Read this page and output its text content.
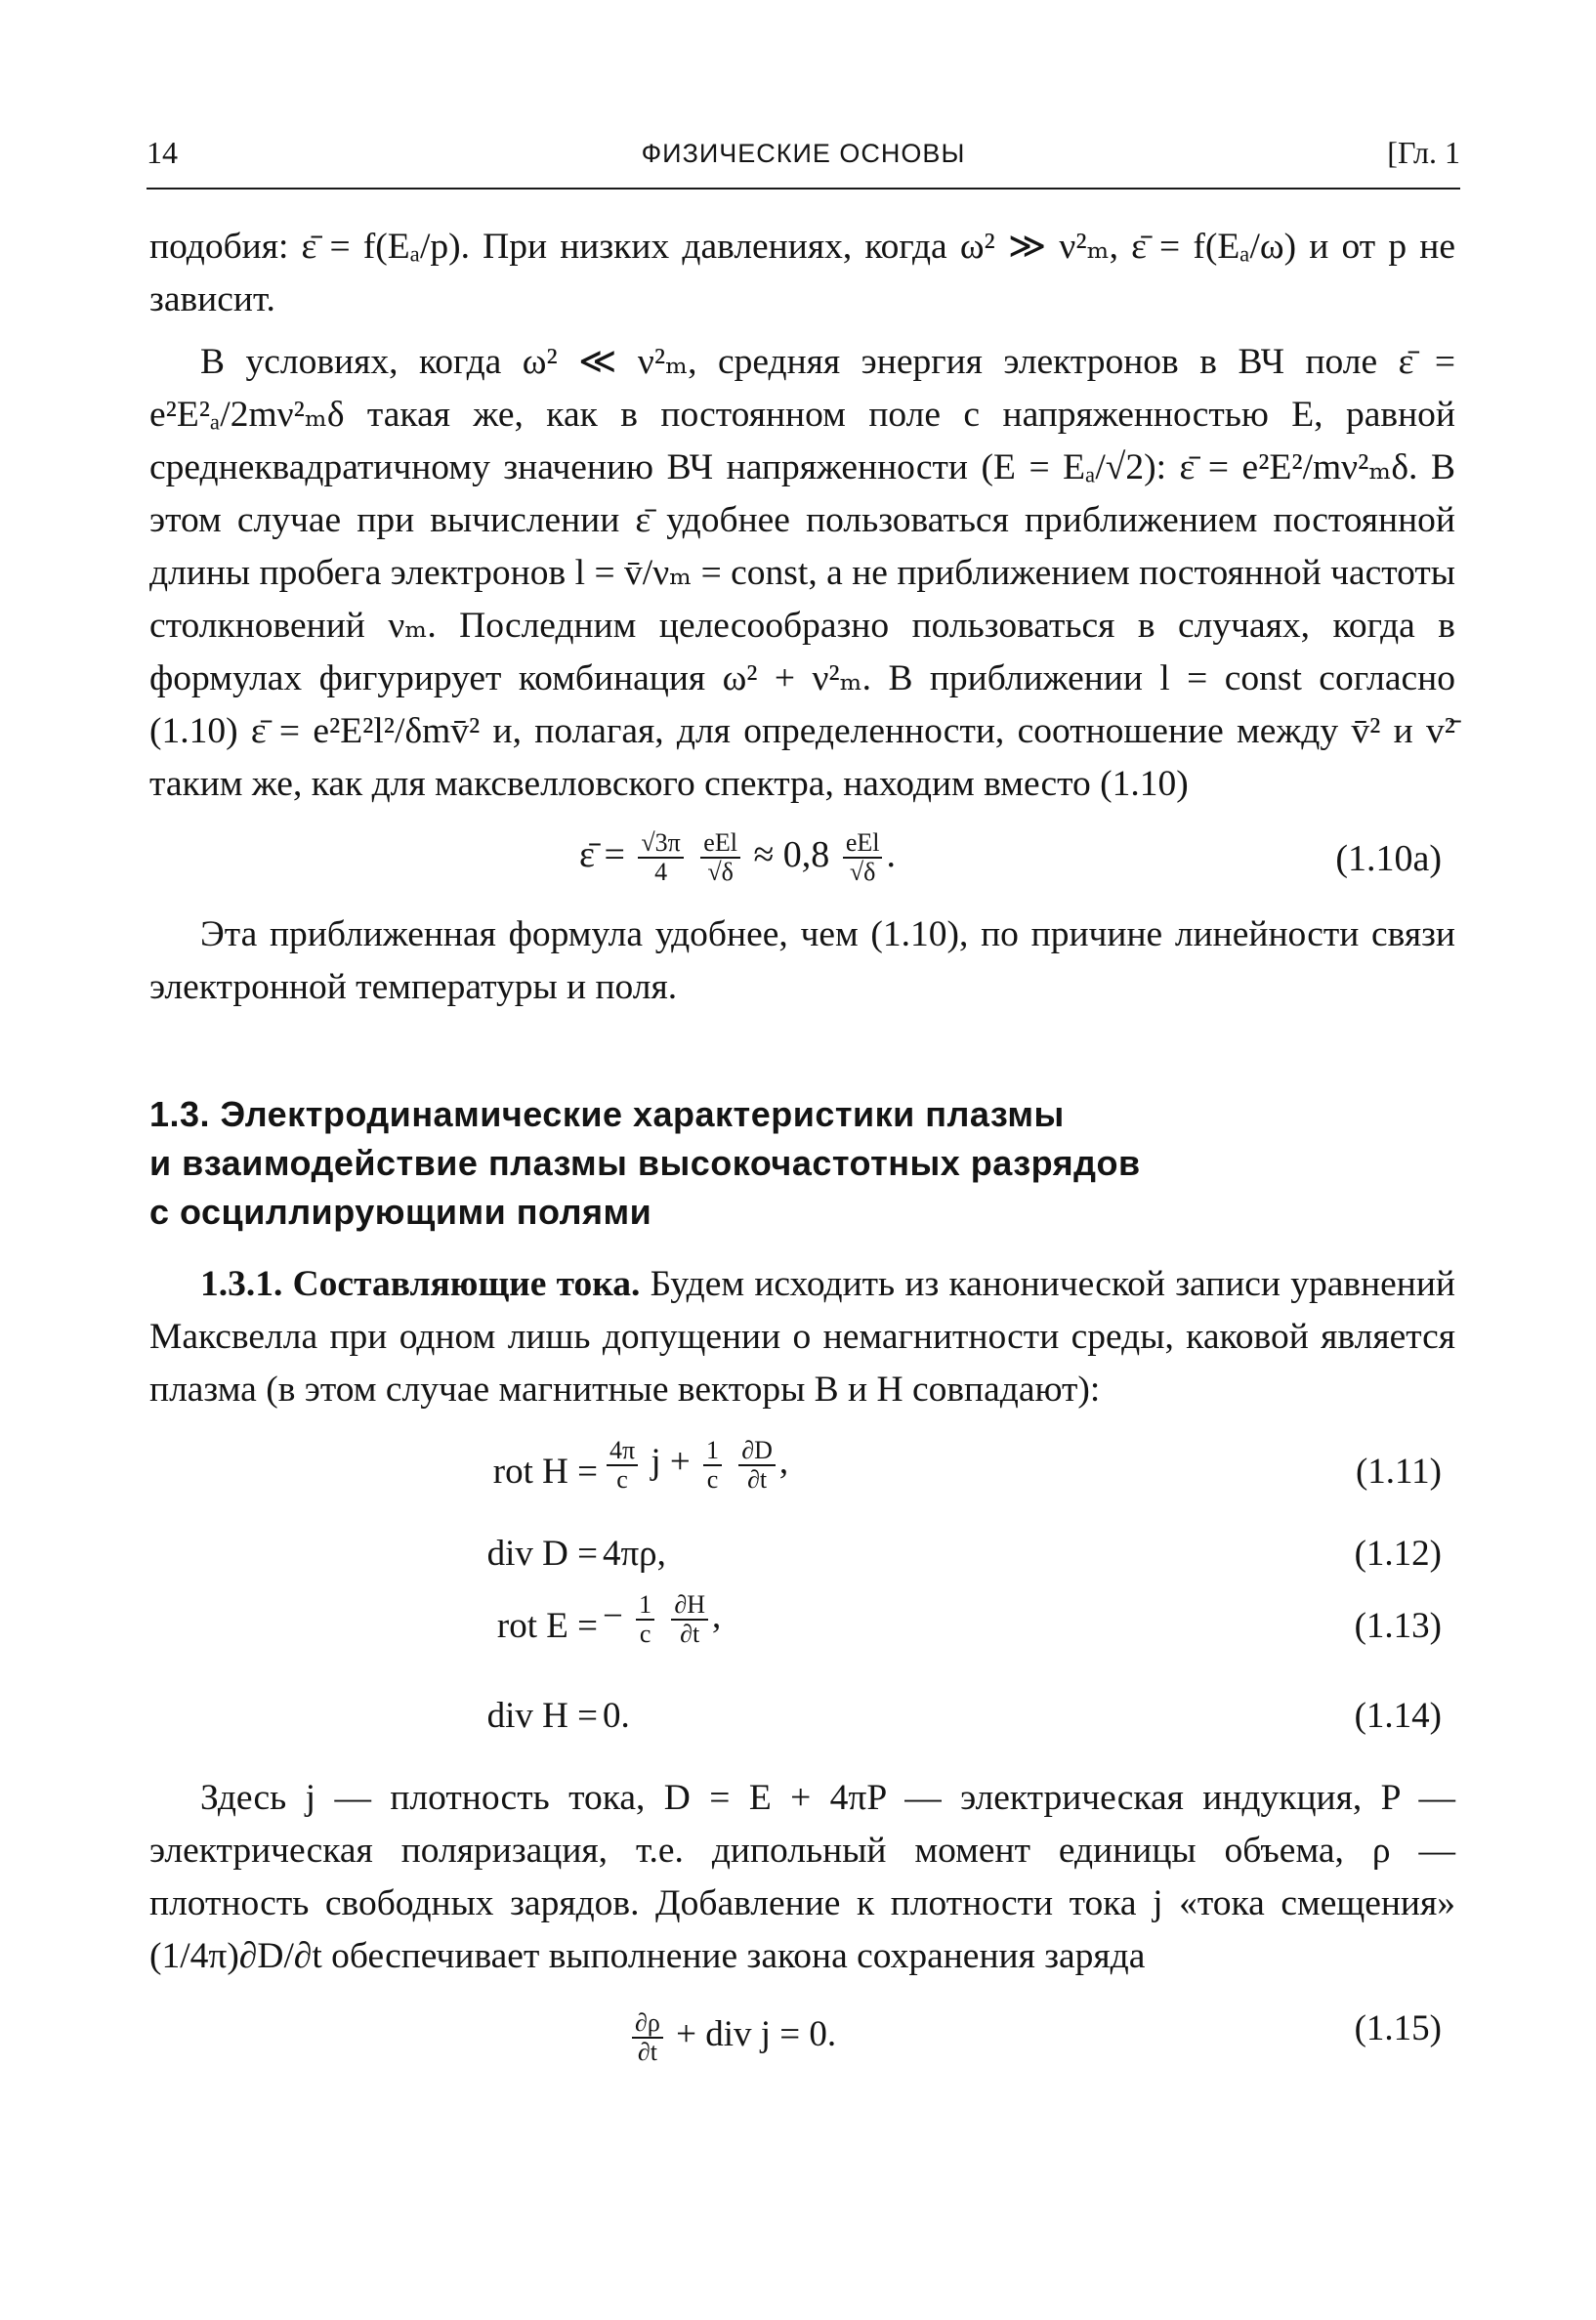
14	ФИЗИЧЕСКИЕ ОСНОВЫ	[Гл. 1

подобия: ε̄ = f(Eₐ/p). При низких давлениях, когда ω² ≫ ν²ₘ, ε̄ = f(Eₐ/ω) и от p не зависит.

В условиях, когда ω² ≪ ν²ₘ, средняя энергия электронов в ВЧ поле ε̄ = e²E²ₐ/2mν²ₘδ такая же, как в постоянном поле с напряженностью E, равной среднеквадратичному значению ВЧ напряженности (E = Eₐ/√2): ε̄ = e²E²/mν²ₘδ. В этом случае при вычислении ε̄ удобнее пользоваться приближением постоянной длины пробега электронов l = v̄/νₘ = const, а не приближением постоянной частоты столкновений νₘ. Последним целесообразно пользоваться в случаях, когда в формулах фигурирует комбинация ω² + ν²ₘ. В приближении l = const согласно (1.10) ε̄ = e²E²l²/δmv̄² и, полагая, для определенности, соотношение между v̄² и v²̄ таким же, как для максвелловского спектра, находим вместо (1.10)

ε̄ = $\frac{√3\pi}{4}$
$\frac{\text{eEl}}{√\delta} \approx 0,8 \frac{\text{eEl}}{√\delta}$ .	(1.10а)

Эта приближенная формула удобнее, чем (1.10), по причине линейности связи электронной температуры и поля.

1.3. Электродинамические характеристики плазмы
и взаимодействие плазмы высокочастотных разрядов
с осциллирующими полями

1.3.1. Составляющие тока. Будем исходить из канонической записи уравнений Максвелла при одном лишь допущении о немагнитности среды, каковой является плазма (в этом случае магнитные векторы B и H совпадают):

rot $H = \frac{4\pi}{c}$ $j + \frac{1}{c}$
$\frac{\partial D}{\partial t}$ ,	(1.11)
div D = 4πρ,	(1.12)
rot E = − $\frac{1}{c}$
$\frac{\partial H}{\partial t}$ ,	(1.13)
div H = 0.	(1.14)

Здесь j — плотность тока, D = E + 4πP — электрическая индукция, P — электрическая поляризация, т.е. дипольный момент единицы объема, ρ — плотность свободных зарядов. Добавление к плотности тока j «тока смещения» (1/4π)∂D/∂t обеспечивает выполнение закона сохранения заряда

$\frac{\partial\rho}{\partial t}$ + div j = 0.	(1.15)
